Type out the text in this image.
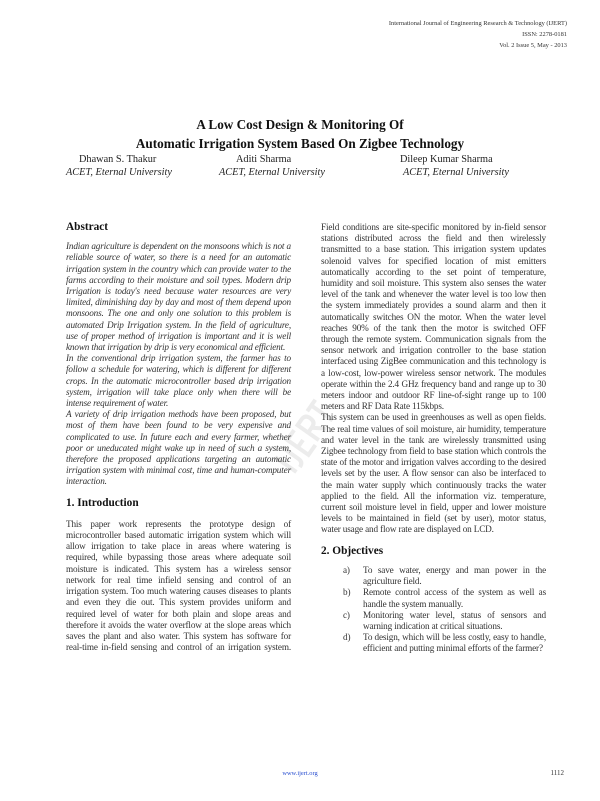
International Journal of Engineering Research & Technology (IJERT)
ISSN: 2278-0181
Vol. 2 Issue 5, May - 2013
A Low Cost Design & Monitoring Of
Automatic Irrigation System Based On Zigbee Technology
Dhawan S. Thakur	Aditi Sharma	Dileep Kumar Sharma
ACET, Eternal University	ACET, Eternal University	ACET, Eternal University
Abstract

Indian agriculture is dependent on the monsoons which is not a reliable source of water, so there is a need for an automatic irrigation system in the country which can provide water to the farms according to their moisture and soil types. Modern drip Irrigation is today's need because water resources are very limited, diminishing day by day and most of them depend upon monsoons. The one and only one solution to this problem is automated Drip Irrigation system. In the field of agriculture, use of proper method of irrigation is important and it is well known that irrigation by drip is very economical and efficient.

In the conventional drip irrigation system, the farmer has to follow a schedule for watering, which is different for different crops. In the automatic microcontroller based drip irrigation system, irrigation will take place only when there will be intense requirement of water.

A variety of drip irrigation methods have been proposed, but most of them have been found to be very expensive and complicated to use. In future each and every farmer, whether poor or uneducated might wake up in need of such a system, therefore the proposed applications targeting an automatic irrigation system with minimal cost, time and human-computer interaction.

1. Introduction

This paper work represents the prototype design of microcontroller based automatic irrigation system which will allow irrigation to take place in areas where watering is required, while bypassing those areas where adequate soil moisture is indicated. This system has a wireless sensor network for real time infield sensing and control of an irrigation system. Too much watering causes diseases to plants and even they die out. This system provides uniform and required level of water for both plain and slope areas and therefore it avoids the water overflow at the slope areas which saves the plant and also water. This system has software for real-time in-field sensing and control of an irrigation system. Field conditions are site-specific monitored by in-field sensor stations distributed across the field and then wirelessly transmitted to a base station. This irrigation system updates solenoid valves for specified location of mist emitters automatically according to the set point of temperature, humidity and soil moisture. This system also senses the water level of the tank and whenever the water level is too low then the system immediately provides a sound alarm and then it automatically switches ON the motor. When the water level reaches 90% of the tank then the motor is switched OFF through the remote system. Communication signals from the sensor network and irrigation controller to the base station interfaced using ZigBee communication and this technology is a low-cost, low-power wireless sensor network. The modules operate within the 2.4 GHz frequency band and range up to 30 meters indoor and outdoor RF line-of-sight range up to 100 meters and RF Data Rate 115kbps.

This system can be used in greenhouses as well as open fields. The real time values of soil moisture, air humidity, temperature and water level in the tank are wirelessly transmitted using Zigbee technology from field to base station which controls the state of the motor and irrigation valves according to the desired levels set by the user. A flow sensor can also be interfaced to the main water supply which continuously tracks the water applied to the field. All the information viz. temperature, current soil moisture level in field, upper and lower moisture levels to be maintained in field (set by user), motor status, water usage and flow rate are displayed on LCD.

2. Objectives
a) To save water, energy and man power in the agriculture field.
b) Remote control access of the system as well as handle the system manually.
c) Monitoring water level, status of sensors and warning indication at critical situations.
d) To design, which will be less costly, easy to handle, efficient and putting minimal efforts of the farmer?
www.ijert.org	1112
